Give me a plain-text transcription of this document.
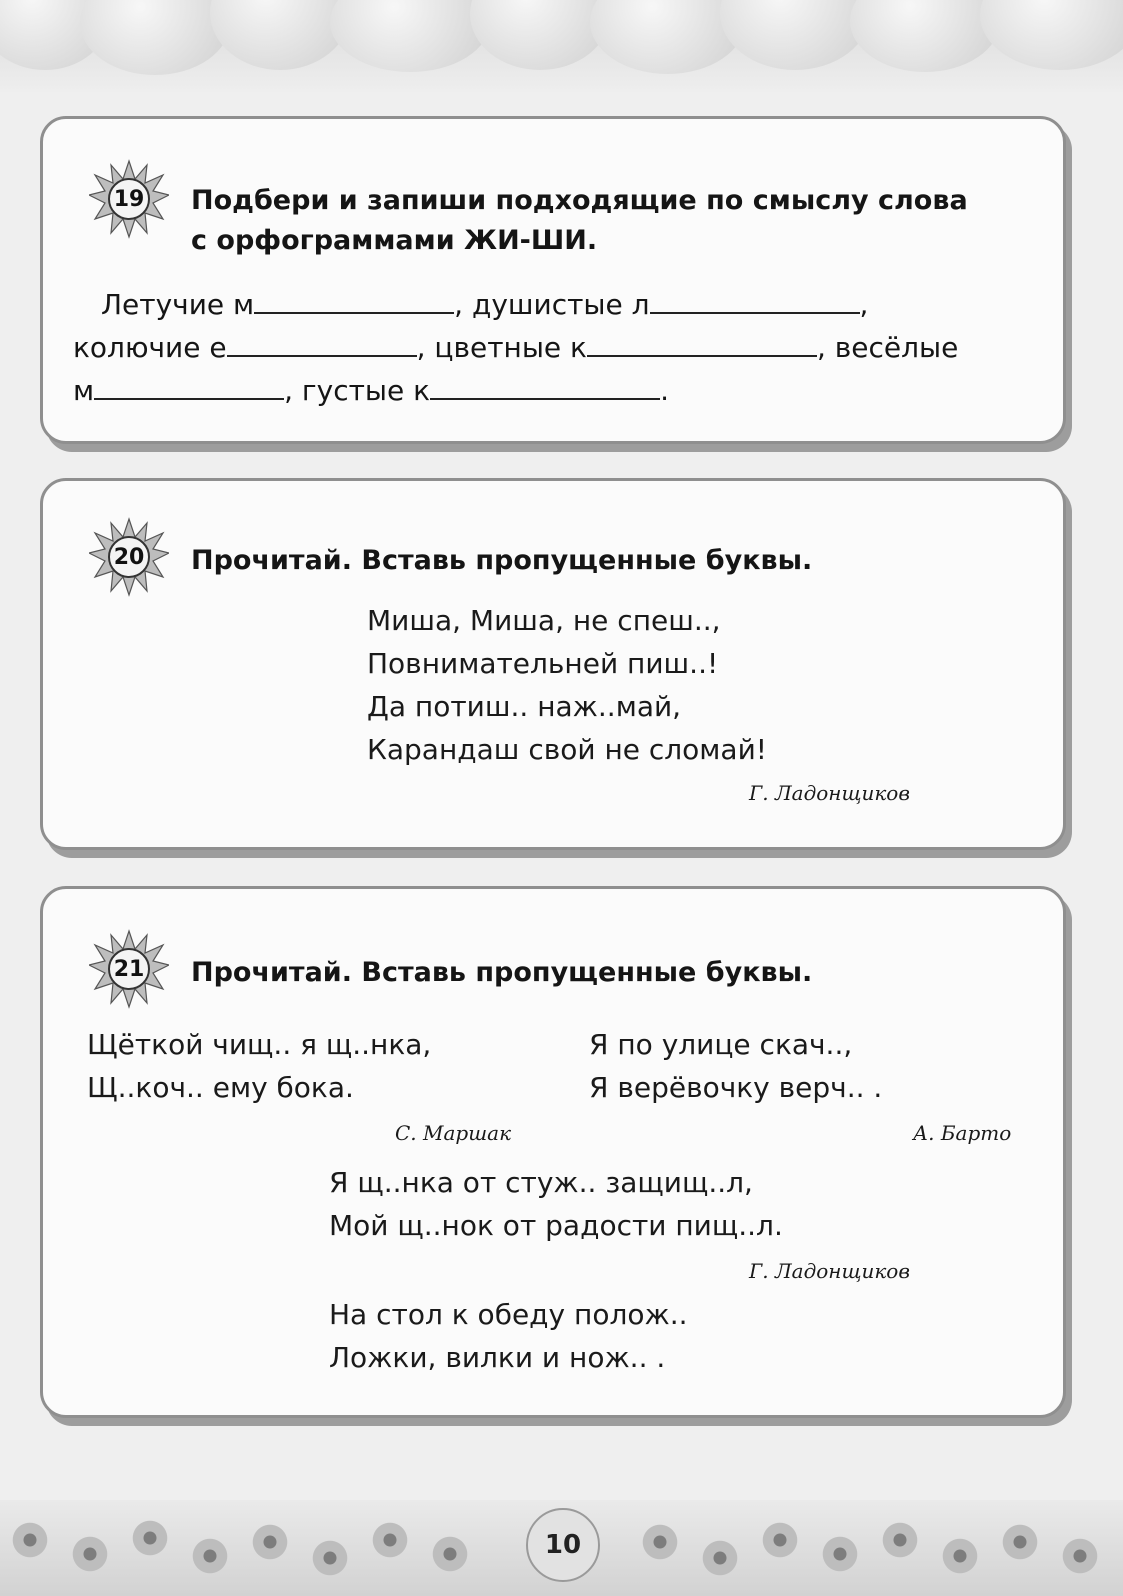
19	Подбери и запиши подходящие по смыслу слова
с орфограммами ЖИ-ШИ.
Летучие м	, душистые л	,
колючие е	, цветные к	, весёлые
м	, густые к	.
20	Прочитай. Вставь пропущенные буквы.
Миша, Миша, не спеш..,
Повнимательней пиш..!
Да потиш.. наж..май,
Карандаш свой не сломай!
Г. Ладонщиков
21	Прочитай. Вставь пропущенные буквы.
Щёткой чищ.. я щ..нка,
Щ..коч.. ему бока.
Я по улице скач..,
Я верёвочку верч.. .
С. Маршак	А. Барто
Я щ..нка от стуж.. защищ..л,
Мой щ..нок от радости пищ..л.
Г. Ладонщиков
На стол к обеду полож..
Ложки, вилки и нож.. .
10
